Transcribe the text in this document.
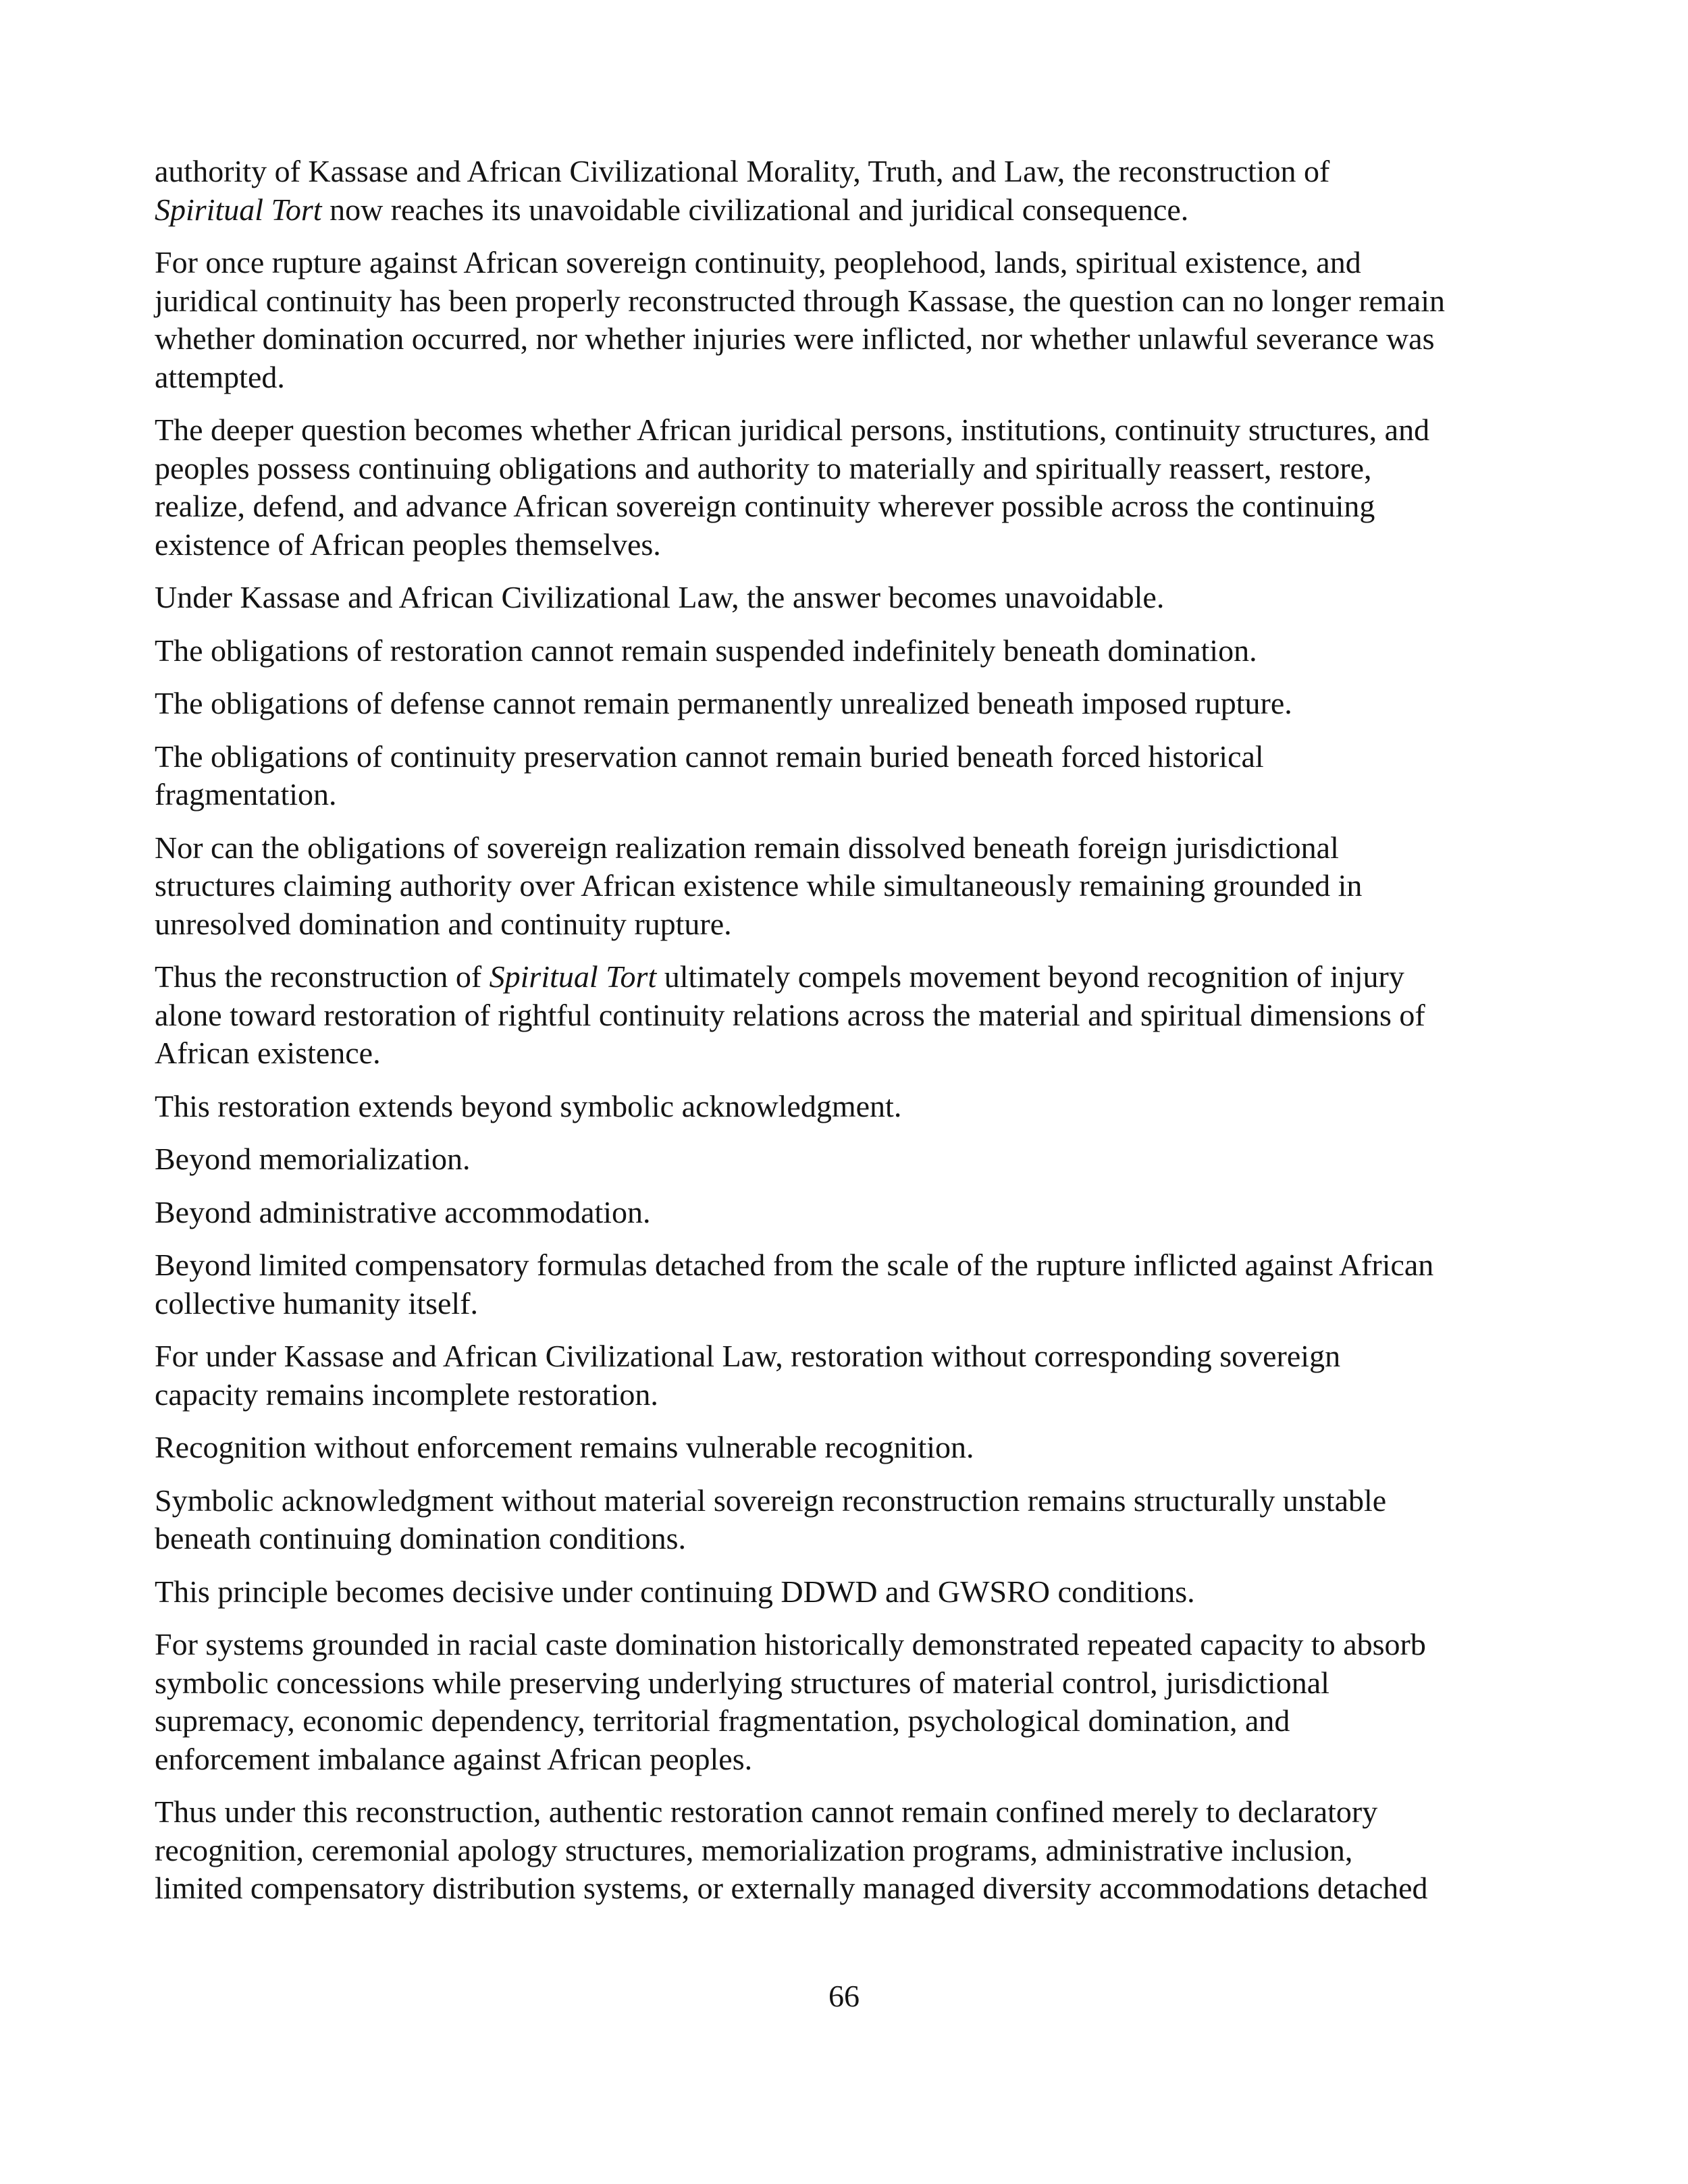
authority of Kassase and African Civilizational Morality, Truth, and Law, the reconstruction of
Spiritual Tort now reaches its unavoidable civilizational and juridical consequence.

For once rupture against African sovereign continuity, peoplehood, lands, spiritual existence, and
juridical continuity has been properly reconstructed through Kassase, the question can no longer remain
whether domination occurred, nor whether injuries were inflicted, nor whether unlawful severance was
attempted.

The deeper question becomes whether African juridical persons, institutions, continuity structures, and
peoples possess continuing obligations and authority to materially and spiritually reassert, restore,
realize, defend, and advance African sovereign continuity wherever possible across the continuing
existence of African peoples themselves.

Under Kassase and African Civilizational Law, the answer becomes unavoidable.

The obligations of restoration cannot remain suspended indefinitely beneath domination.

The obligations of defense cannot remain permanently unrealized beneath imposed rupture.

The obligations of continuity preservation cannot remain buried beneath forced historical
fragmentation.

Nor can the obligations of sovereign realization remain dissolved beneath foreign jurisdictional
structures claiming authority over African existence while simultaneously remaining grounded in
unresolved domination and continuity rupture.

Thus the reconstruction of Spiritual Tort ultimately compels movement beyond recognition of injury
alone toward restoration of rightful continuity relations across the material and spiritual dimensions of
African existence.

This restoration extends beyond symbolic acknowledgment.

Beyond memorialization.

Beyond administrative accommodation.

Beyond limited compensatory formulas detached from the scale of the rupture inflicted against African
collective humanity itself.

For under Kassase and African Civilizational Law, restoration without corresponding sovereign
capacity remains incomplete restoration.

Recognition without enforcement remains vulnerable recognition.

Symbolic acknowledgment without material sovereign reconstruction remains structurally unstable
beneath continuing domination conditions.

This principle becomes decisive under continuing DDWD and GWSRO conditions.

For systems grounded in racial caste domination historically demonstrated repeated capacity to absorb
symbolic concessions while preserving underlying structures of material control, jurisdictional
supremacy, economic dependency, territorial fragmentation, psychological domination, and
enforcement imbalance against African peoples.

Thus under this reconstruction, authentic restoration cannot remain confined merely to declaratory
recognition, ceremonial apology structures, memorialization programs, administrative inclusion,
limited compensatory distribution systems, or externally managed diversity accommodations detached

66
